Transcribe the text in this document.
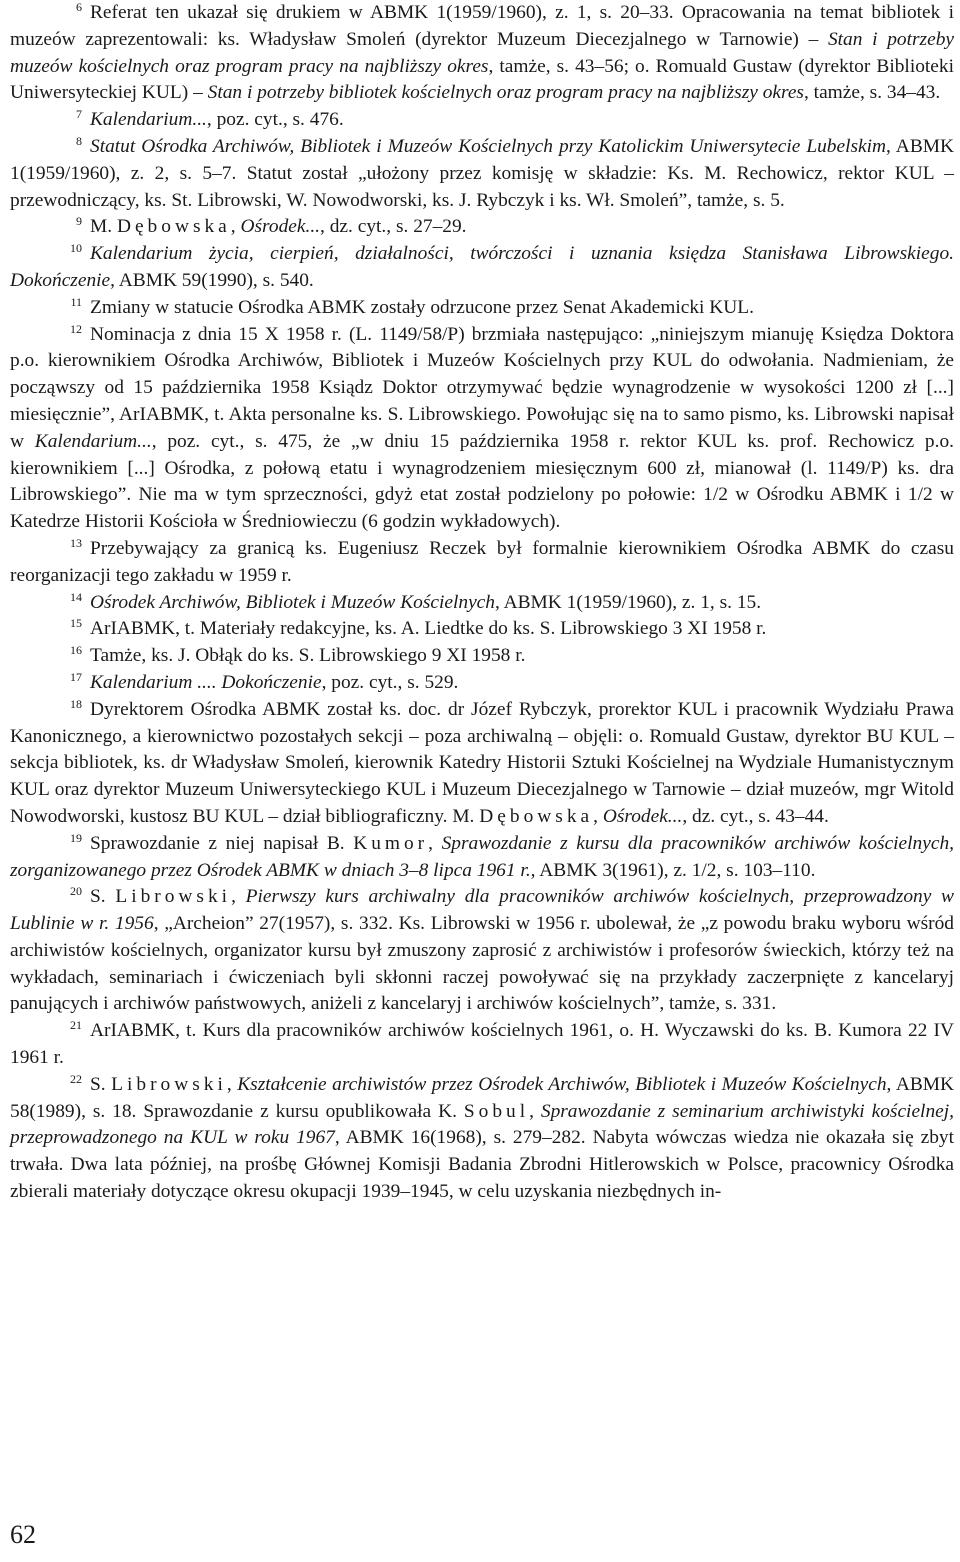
$^6$ Referat ten ukazał się drukiem w ABMK 1(1959/1960), z. 1, s. 20–33. Opracowania na temat bibliotek i muzeów zaprezentowali: ks. Władysław Smoleń (dyrektor Muzeum Diecezjalnego w Tarnowie) – Stan i potrzeby muzeów kościelnych oraz program pracy na najbliższy okres, tamże, s. 43–56; o. Romuald Gustaw (dyrektor Biblioteki Uniwersyteckiej KUL) – Stan i potrzeby bibliotek kościelnych oraz program pracy na najbliższy okres, tamże, s. 34–43.

$^7$ Kalendarium..., poz. cyt., s. 476.

$^8$ Statut Ośrodka Archiwów, Bibliotek i Muzeów Kościelnych przy Katolickim Uniwersytecie Lubelskim, ABMK 1(1959/1960), z. 2, s. 5–7. Statut został „ułożony przez komisję w składzie: Ks. M. Rechowicz, rektor KUL – przewodniczący, ks. St. Librowski, W. Nowodworski, ks. J. Rybczyk i ks. Wł. Smoleń”, tamże, s. 5.

$^9$ M. Dębowska, Ośrodek..., dz. cyt., s. 27–29.

$^{10}$ Kalendarium życia, cierpień, działalności, twórczości i uznania księdza Stanisława Librowskiego. Dokończenie, ABMK 59(1990), s. 540.

$^{11}$ Zmiany w statucie Ośrodka ABMK zostały odrzucone przez Senat Akademicki KUL.

$^{12}$ Nominacja z dnia 15 X 1958 r. (L. 1149/58/P) brzmiała następująco: „niniejszym mianuję Księdza Doktora p.o. kierownikiem Ośrodka Archiwów, Bibliotek i Muzeów Kościelnych przy KUL do odwołania. Nadmieniam, że począwszy od 15 października 1958 Ksiądz Doktor otrzymywać będzie wynagrodzenie w wysokości 1200 zł [...] miesięcznie”, ArIABMK, t. Akta personalne ks. S. Librowskiego. Powołując się na to samo pismo, ks. Librowski napisał w Kalendarium..., poz. cyt., s. 475, że „w dniu 15 października 1958 r. rektor KUL ks. prof. Rechowicz p.o. kierownikiem [...] Ośrodka, z połową etatu i wynagrodzeniem miesięcznym 600 zł, mianował (l. 1149/P) ks. dra Librowskiego”. Nie ma w tym sprzeczności, gdyż etat został podzielony po połowie: 1/2 w Ośrodku ABMK i 1/2 w Katedrze Historii Kościoła w Średniowieczu (6 godzin wykładowych).

$^{13}$ Przebywający za granicą ks. Eugeniusz Reczek był formalnie kierownikiem Ośrodka ABMK do czasu reorganizacji tego zakładu w 1959 r.

$^{14}$ Ośrodek Archiwów, Bibliotek i Muzeów Kościelnych, ABMK 1(1959/1960), z. 1, s. 15.

$^{15}$ ArIABMK, t. Materiały redakcyjne, ks. A. Liedtke do ks. S. Librowskiego 3 XI 1958 r.

$^{16}$ Tamże, ks. J. Obłąk do ks. S. Librowskiego 9 XI 1958 r.

$^{17}$ Kalendarium .... Dokończenie, poz. cyt., s. 529.

$^{18}$ Dyrektorem Ośrodka ABMK został ks. doc. dr Józef Rybczyk, prorektor KUL i pracownik Wydziału Prawa Kanonicznego, a kierownictwo pozostałych sekcji – poza archiwalną – objęli: o. Romuald Gustaw, dyrektor BU KUL – sekcja bibliotek, ks. dr Władysław Smoleń, kierownik Katedry Historii Sztuki Kościelnej na Wydziale Humanistycznym KUL oraz dyrektor Muzeum Uniwersyteckiego KUL i Muzeum Diecezjalnego w Tarnowie – dział muzeów, mgr Witold Nowodworski, kustosz BU KUL – dział bibliograficzny. M. Dębowska, Ośrodek..., dz. cyt., s. 43–44.

$^{19}$ Sprawozdanie z niej napisał B. Kumor, Sprawozdanie z kursu dla pracowników archiwów kościelnych, zorganizowanego przez Ośrodek ABMK w dniach 3–8 lipca 1961 r., ABMK 3(1961), z. 1/2, s. 103–110.

$^{20}$ S. Librowski, Pierwszy kurs archiwalny dla pracowników archiwów kościelnych, przeprowadzony w Lublinie w r. 1956, „Archeion” 27(1957), s. 332. Ks. Librowski w 1956 r. ubolewał, że „z powodu braku wyboru wśród archiwistów kościelnych, organizator kursu był zmuszony zaprosić z archiwistów i profesorów świeckich, którzy też na wykładach, seminariach i ćwiczeniach byli skłonni raczej powoływać się na przykłady zaczerpnięte z kancelaryj panujących i archiwów państwowych, aniżeli z kancelaryj i archiwów kościelnych”, tamże, s. 331.

$^{21}$ ArIABMK, t. Kurs dla pracowników archiwów kościelnych 1961, o. H. Wyczawski do ks. B. Kumora 22 IV 1961 r.

$^{22}$ S. Librowski, Kształcenie archiwistów przez Ośrodek Archiwów, Bibliotek i Muzeów Kościelnych, ABMK 58(1989), s. 18. Sprawozdanie z kursu opublikowała K. Sobul, Sprawozdanie z seminarium archiwistyki kościelnej, przeprowadzonego na KUL w roku 1967, ABMK 16(1968), s. 279–282. Nabyta wówczas wiedza nie okazała się zbyt trwała. Dwa lata później, na prośbę Głównej Komisji Badania Zbrodni Hitlerowskich w Polsce, pracownicy Ośrodka zbierali materiały dotyczące okresu okupacji 1939–1945, w celu uzyskania niezbędnych in-

62
